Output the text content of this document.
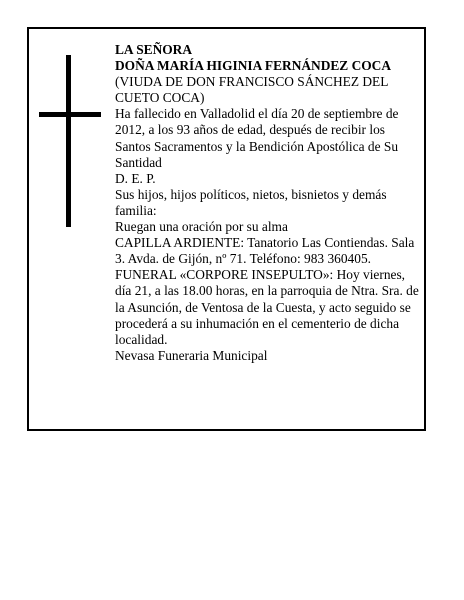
LA SEÑORA
DOÑA MARÍA HIGINIA FERNÁNDEZ COCA
(VIUDA DE DON FRANCISCO SÁNCHEZ DEL CUETO COCA)
Ha fallecido en Valladolid el día 20 de septiembre de 2012, a los 93 años de edad, después de recibir los Santos Sacramentos y la Bendición Apostólica de Su Santidad
D. E. P.
Sus hijos, hijos políticos, nietos, bisnietos y demás familia:
Ruegan una oración por su alma
CAPILLA ARDIENTE: Tanatorio Las Contiendas. Sala 3. Avda. de Gijón, nº 71. Teléfono: 983 360405.
FUNERAL «CORPORE INSEPULTO»: Hoy viernes, día 21, a las 18.00 horas, en la parroquia de Ntra. Sra. de la Asunción, de Ventosa de la Cuesta, y acto seguido se procederá a su inhumación en el cementerio de dicha localidad.
Nevasa Funeraria Municipal
